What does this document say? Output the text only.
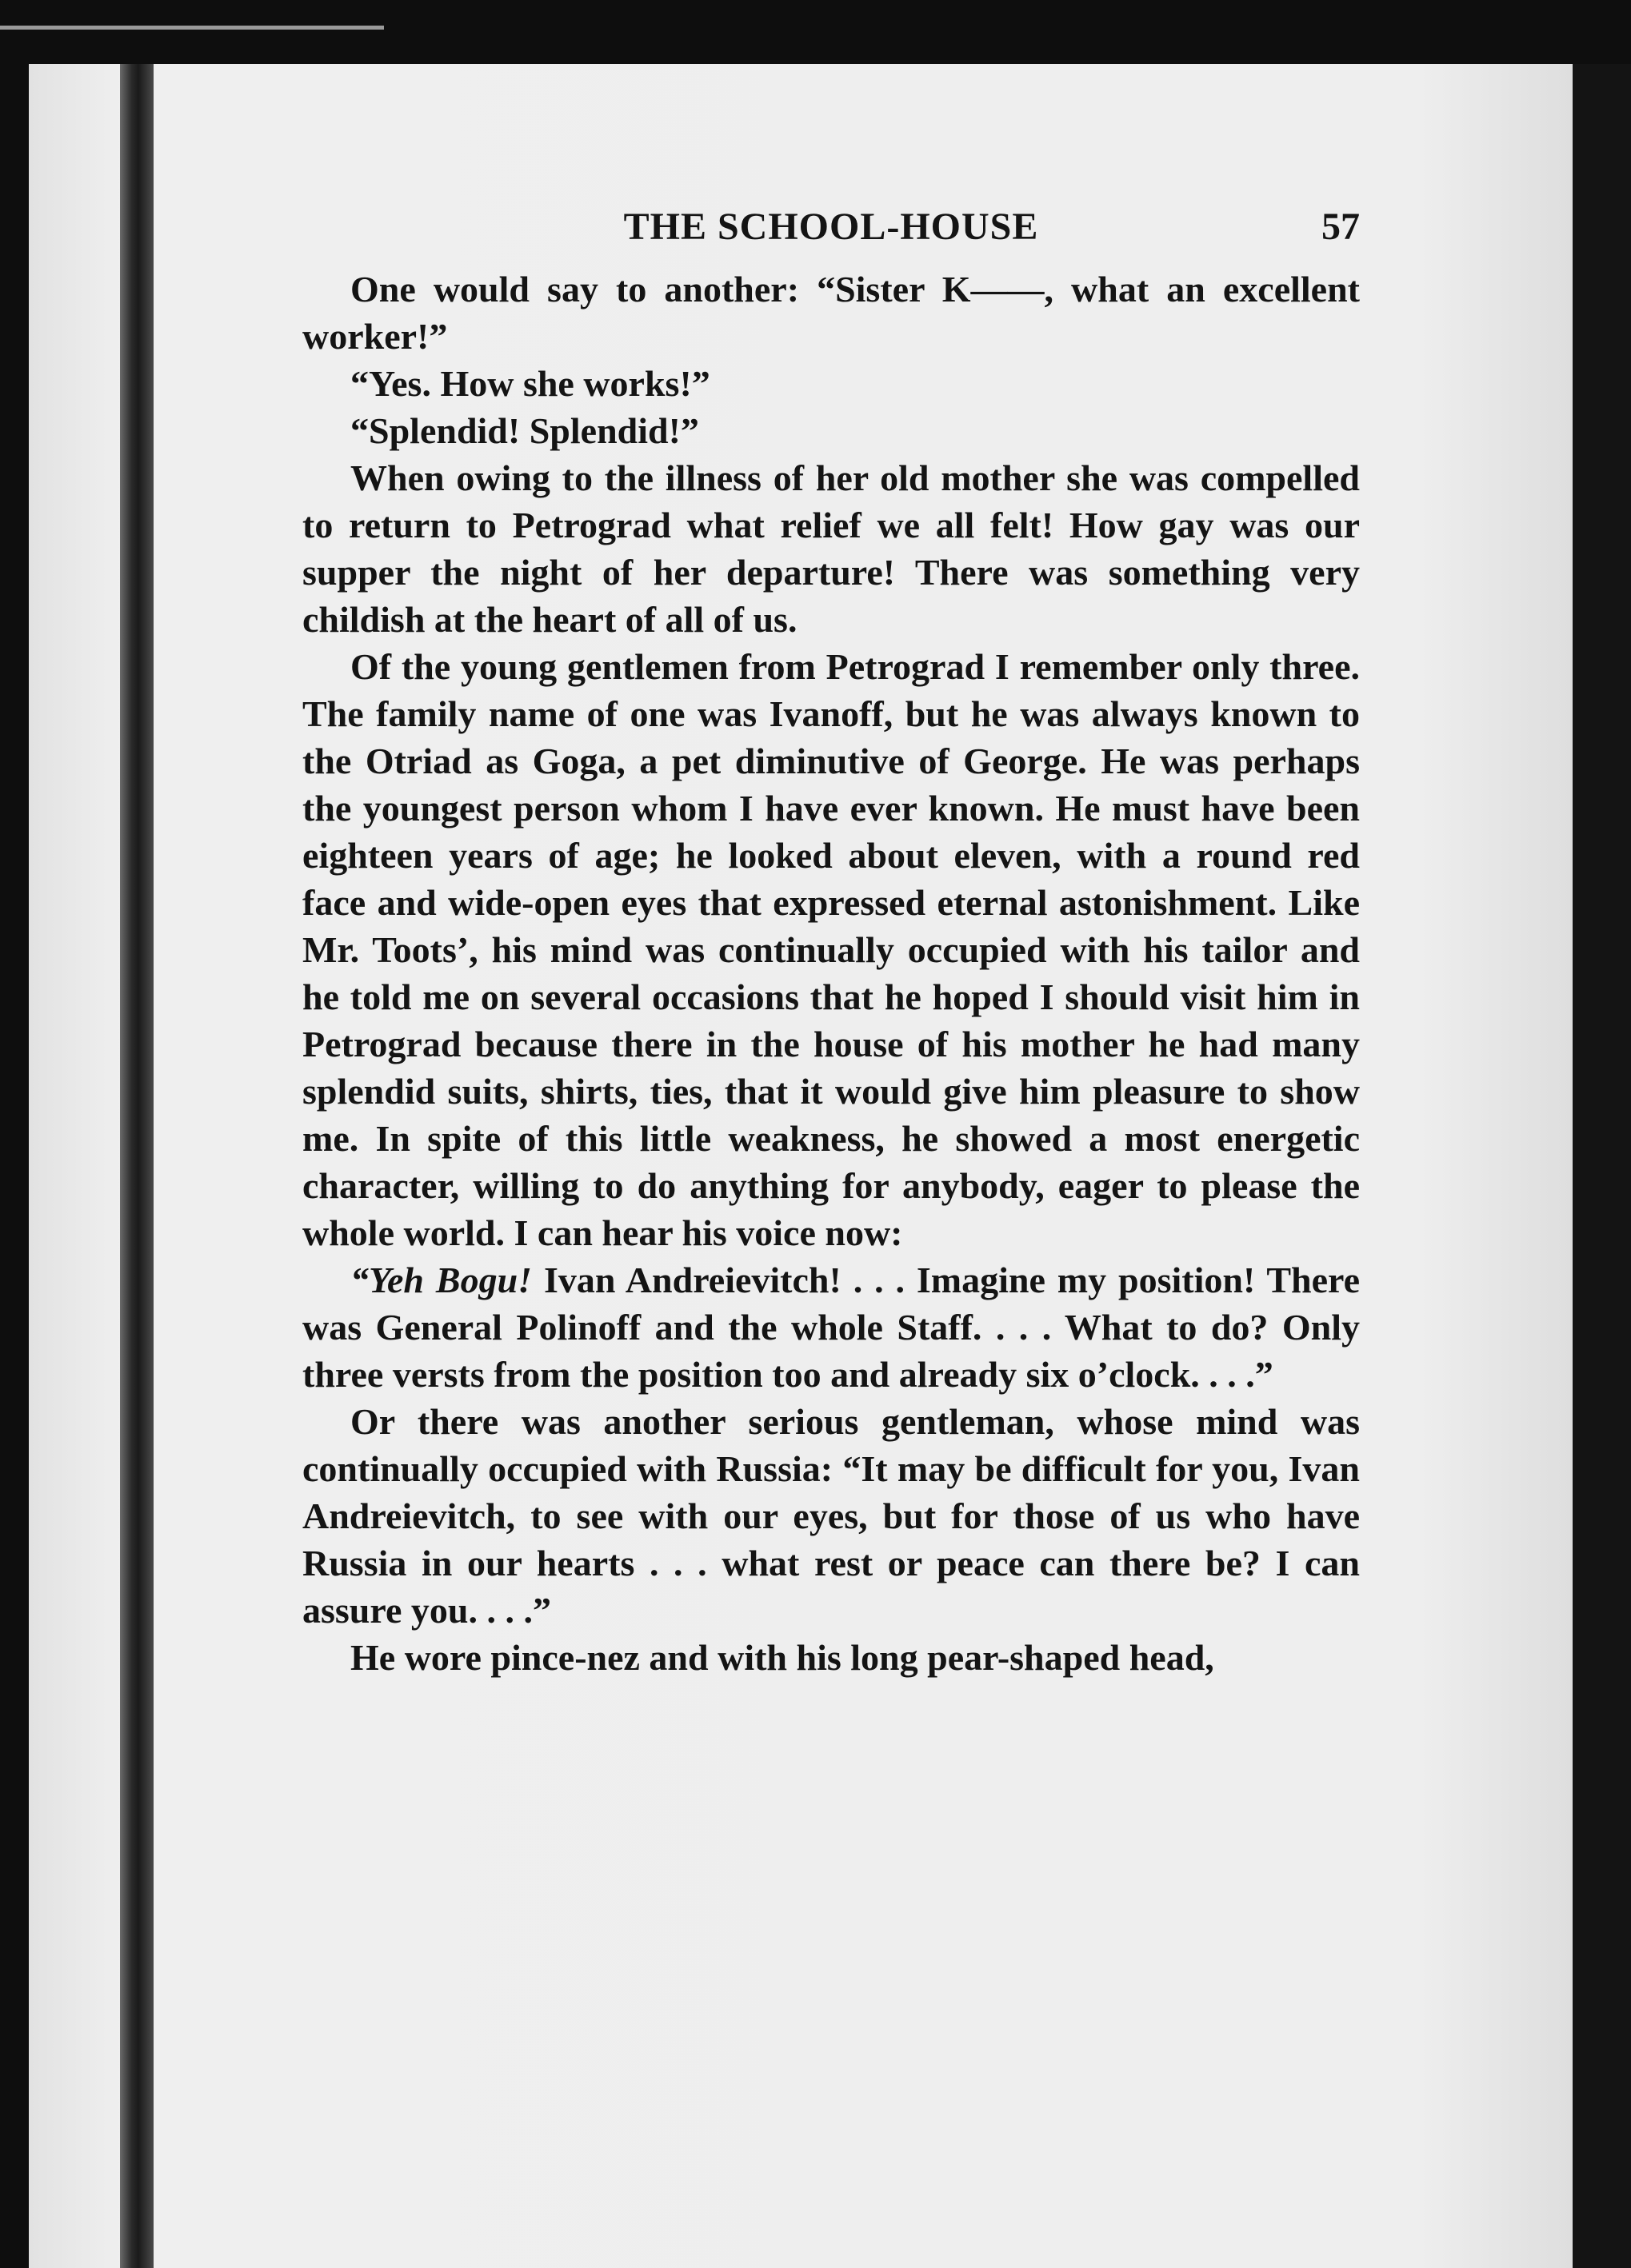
THE SCHOOL-HOUSE	57

One would say to another: “Sister K——, what an excellent worker!”

“Yes. How she works!”

“Splendid! Splendid!”

When owing to the illness of her old mother she was compelled to return to Petrograd what relief we all felt! How gay was our supper the night of her departure! There was something very childish at the heart of all of us.

Of the young gentlemen from Petrograd I remember only three. The family name of one was Ivanoff, but he was always known to the Otriad as Goga, a pet diminutive of George. He was perhaps the youngest person whom I have ever known. He must have been eighteen years of age; he looked about eleven, with a round red face and wide-open eyes that expressed eternal astonishment. Like Mr. Toots’, his mind was continually occupied with his tailor and he told me on several occasions that he hoped I should visit him in Petrograd because there in the house of his mother he had many splendid suits, shirts, ties, that it would give him pleasure to show me. In spite of this little weakness, he showed a most energetic character, willing to do anything for anybody, eager to please the whole world. I can hear his voice now:

“Yeh Bogu! Ivan Andreievitch! . . . Imagine my position! There was General Polinoff and the whole Staff. . . . What to do? Only three versts from the position too and already six o’clock. . . .”

Or there was another serious gentleman, whose mind was continually occupied with Russia: “It may be difficult for you, Ivan Andreievitch, to see with our eyes, but for those of us who have Russia in our hearts . . . what rest or peace can there be? I can assure you. . . .”

He wore pince-nez and with his long pear-shaped head,
